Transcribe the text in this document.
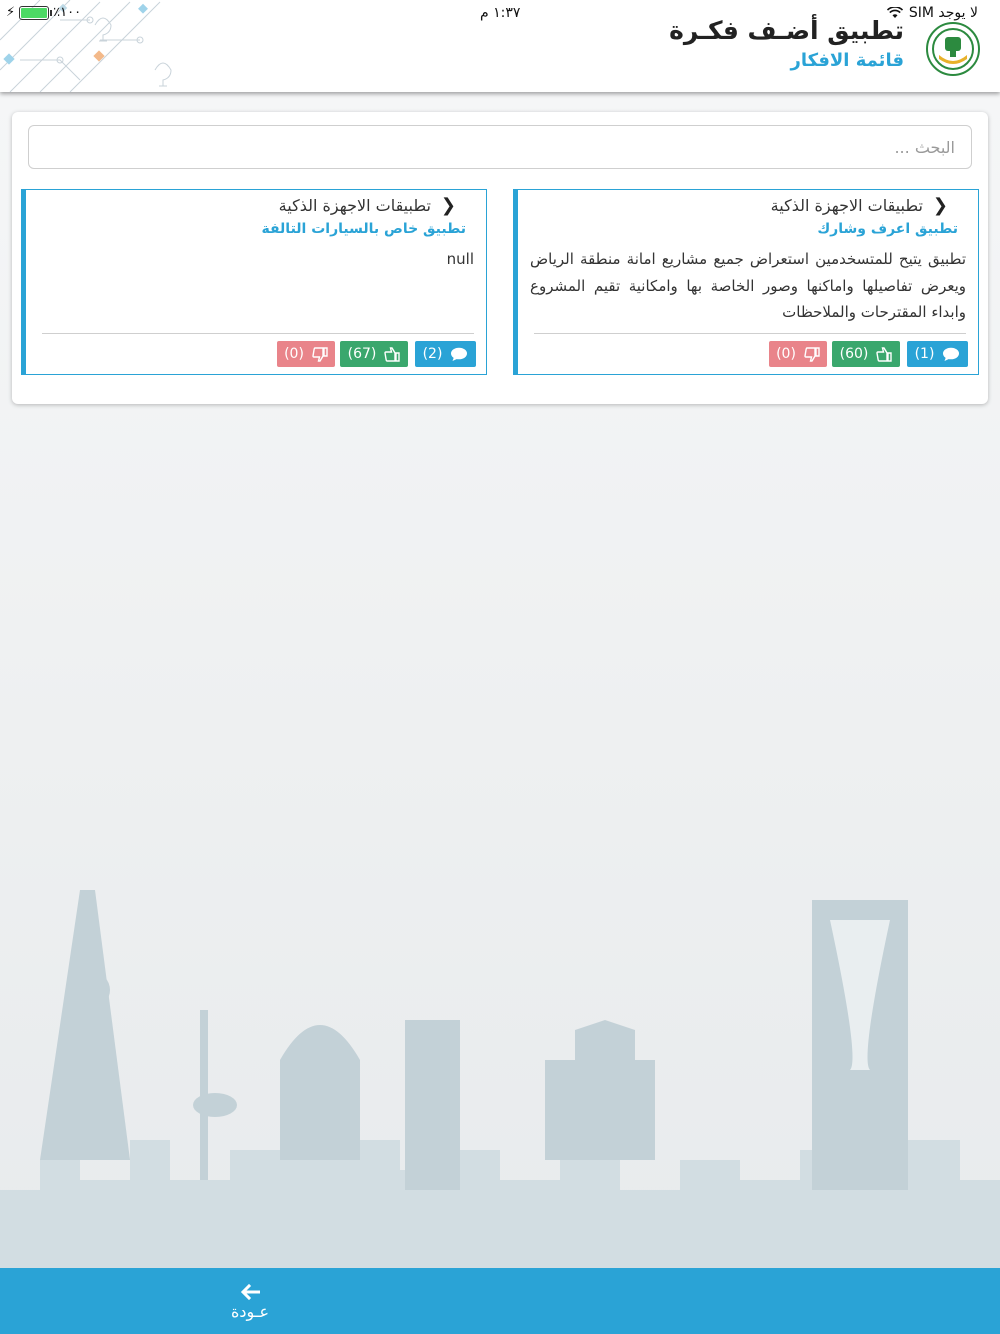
⚡	٪١٠٠	١:٣٧ م	لا يوجد SIM
تطبيق أضـف فكـرة
قائمة الافكار
البحث ...
❮
تطبيقات الاجهزة الذكية
تطبيق اعرف وشارك
تطبيق يتيح للمتسخدمين استعراض جميع مشاريع امانة منطقة الرياض ويعرض تفاصيلها واماكنها وصور الخاصة بها وامكانية تقيم المشروع وابداء المقترحات والملاحظات
(0)	(60)	(1)
❮
تطبيقات الاجهزة الذكية
تطبيق خاص بالسيارات التالفة
null
(0)	(67)	(2)
عـودة
